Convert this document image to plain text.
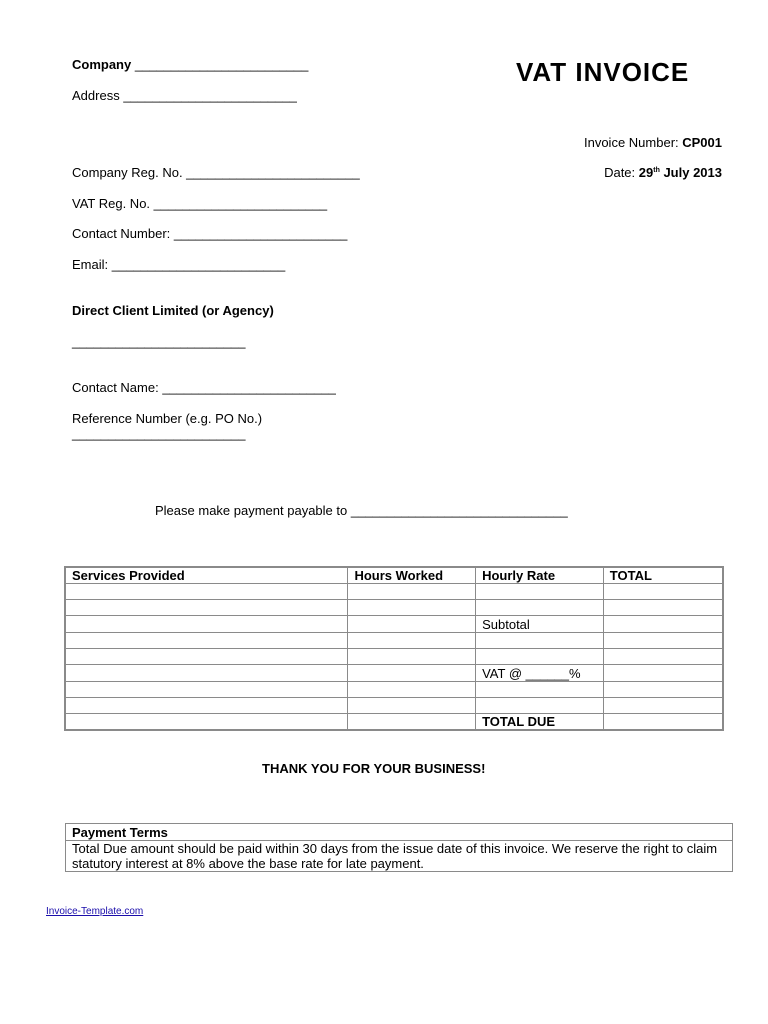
Company ________________________
Address ________________________
VAT INVOICE
Invoice Number: CP001
Date: 29th July 2013
Company Reg. No. ________________________
VAT Reg. No. ________________________
Contact Number: ________________________
Email: ________________________
Direct Client Limited (or Agency)
________________________
Contact Name: ________________________
Reference Number (e.g. PO No.)
________________________
Please make payment payable to ______________________________
Services Provided	Hours Worked	Hourly Rate	TOTAL

		Subtotal	

		VAT @ ______%	

		TOTAL DUE	
THANK YOU FOR YOUR BUSINESS!
Payment Terms
Total Due amount should be paid within 30 days from the issue date of this invoice. We reserve the right to claim statutory interest at 8% above the base rate for late payment.
Invoice-Template.com
